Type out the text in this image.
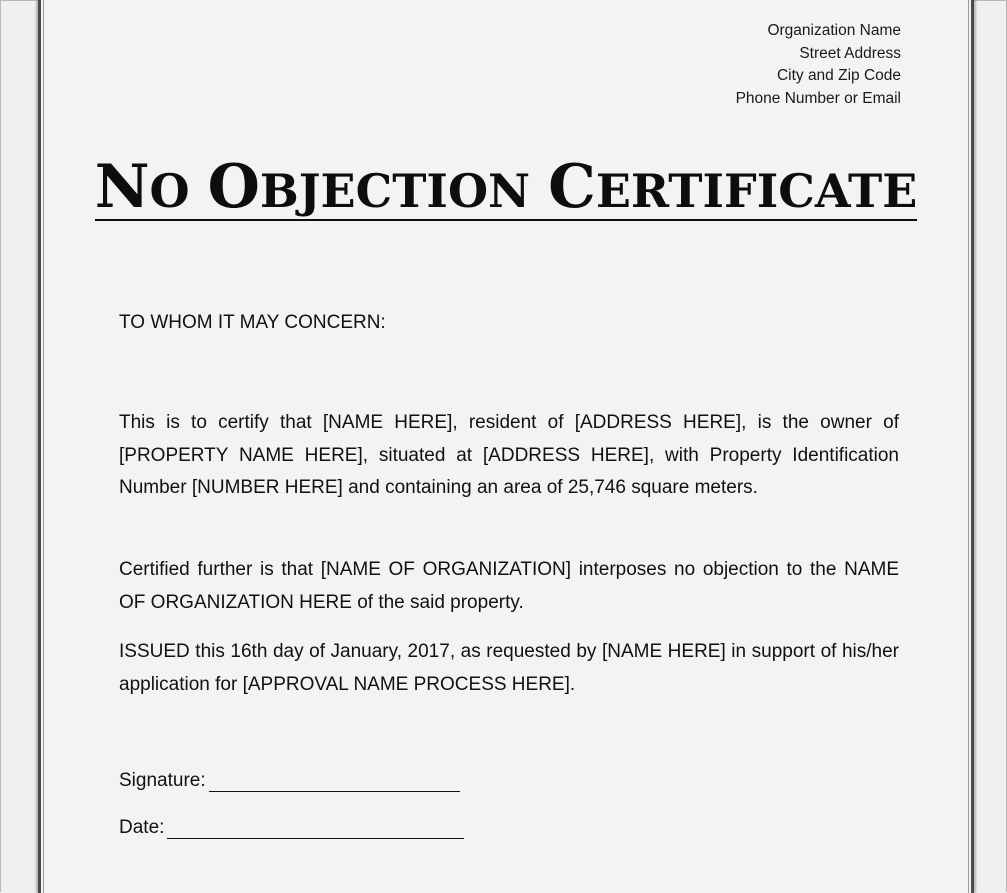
Organization Name
Street Address
City and Zip Code
Phone Number or Email
NO OBJECTION CERTIFICATE
TO WHOM IT MAY CONCERN:

This is to certify that [NAME HERE], resident of [ADDRESS HERE], is the owner of [PROPERTY NAME HERE], situated at [ADDRESS HERE], with Property Identification Number [NUMBER HERE] and containing an area of 25,746 square meters.

Certified further is that [NAME OF ORGANIZATION] interposes no objection to the NAME OF ORGANIZATION HERE of the said property.

ISSUED this 16th day of January, 2017, as requested by [NAME HERE] in support of his/her application for [APPROVAL NAME PROCESS HERE].

Signature:
Date:
